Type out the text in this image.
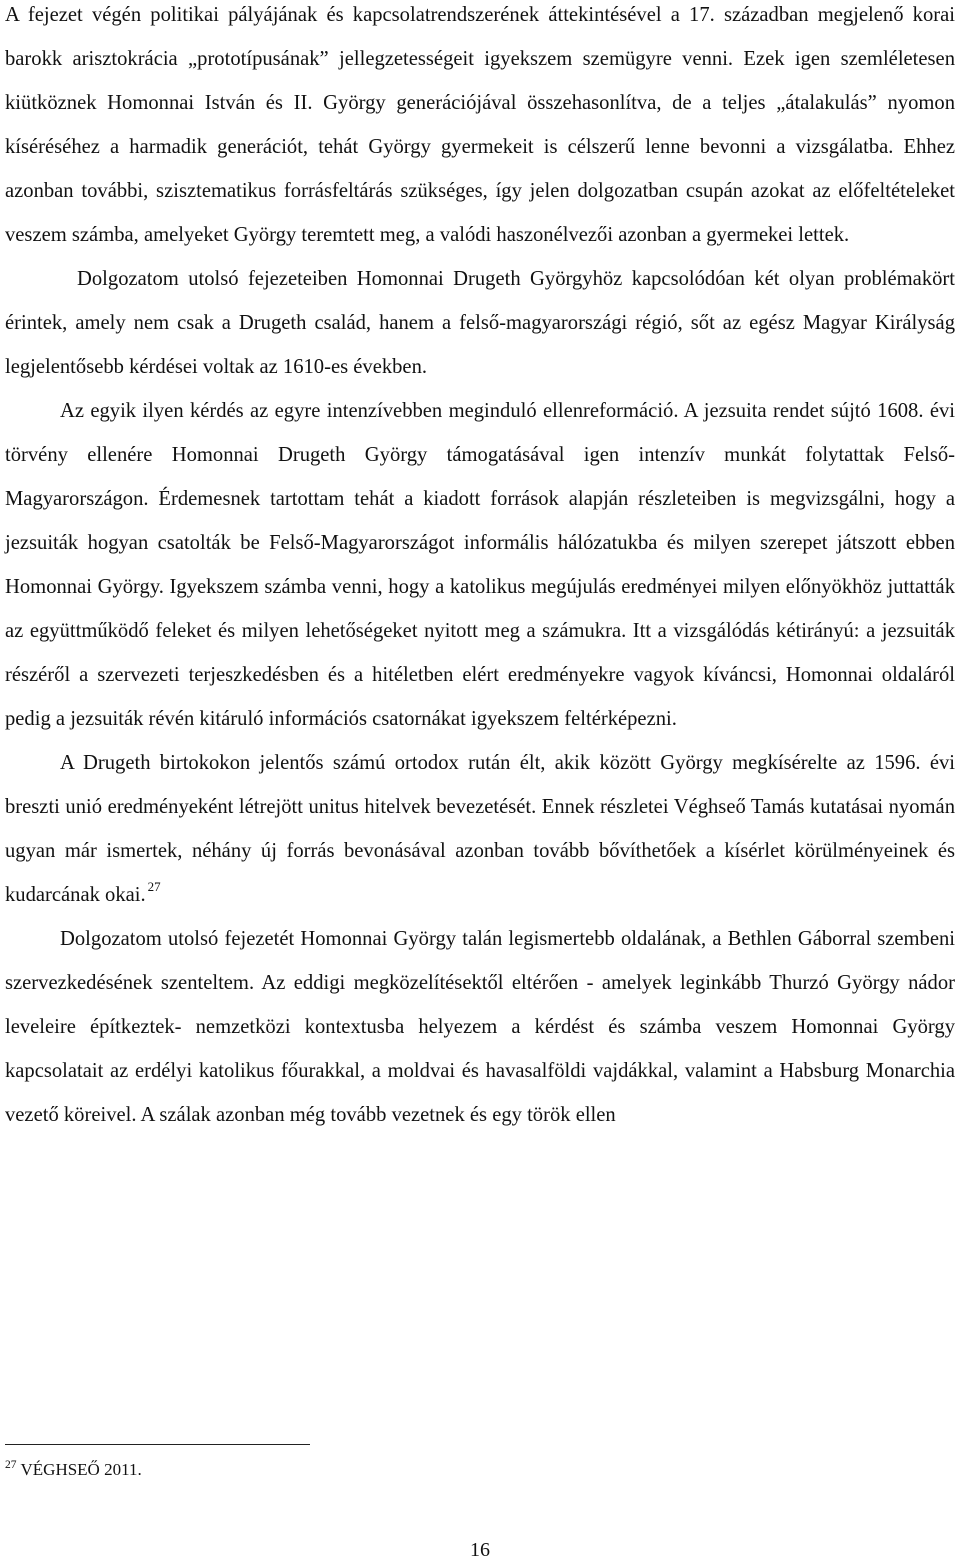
A fejezet végén politikai pályájának és kapcsolatrendszerének áttekintésével a 17. században megjelenő korai barokk arisztokrácia „prototípusának” jellegzetességeit igyekszem szemügyre venni. Ezek igen szemléletesen kiütköznek Homonnai István és II. György generációjával összehasonlítva, de a teljes „átalakulás” nyomon kíséréséhez a harmadik generációt, tehát György gyermekeit is célszerű lenne bevonni a vizsgálatba. Ehhez azonban további, szisztematikus forrásfeltárás szükséges, így jelen dolgozatban csupán azokat az előfeltételeket veszem számba, amelyeket György teremtett meg, a valódi haszonélvezői azonban a gyermekei lettek.

Dolgozatom utolsó fejezeteiben Homonnai Drugeth Györgyhöz kapcsolódóan két olyan problémakört érintek, amely nem csak a Drugeth család, hanem a felső-magyarországi régió, sőt az egész Magyar Királyság legjelentősebb kérdései voltak az 1610-es években.

Az egyik ilyen kérdés az egyre intenzívebben meginduló ellenreformáció. A jezsuita rendet sújtó 1608. évi törvény ellenére Homonnai Drugeth György támogatásával igen intenzív munkát folytattak Felső-Magyarországon. Érdemesnek tartottam tehát a kiadott források alapján részleteiben is megvizsgálni, hogy a jezsuiták hogyan csatolták be Felső-Magyarországot informális hálózatukba és milyen szerepet játszott ebben Homonnai György. Igyekszem számba venni, hogy a katolikus megújulás eredményei milyen előnyökhöz juttatták az együttműködő feleket és milyen lehetőségeket nyitott meg a számukra. Itt a vizsgálódás kétirányú: a jezsuiták részéről a szervezeti terjeszkedésben és a hitéletben elért eredményekre vagyok kíváncsi, Homonnai oldaláról pedig a jezsuiták révén kitáruló információs csatornákat igyekszem feltérképezni.

A Drugeth birtokokon jelentős számú ortodox rután élt, akik között György megkísérelte az 1596. évi breszti unió eredményeként létrejött unitus hitelvek bevezetését. Ennek részletei Véghseő Tamás kutatásai nyomán ugyan már ismertek, néhány új forrás bevonásával azonban tovább bővíthetőek a kísérlet körülményeinek és kudarcának okai. $^{27}$

Dolgozatom utolsó fejezetét Homonnai György talán legismertebb oldalának, a Bethlen Gáborral szembeni szervezkedésének szenteltem. Az eddigi megközelítésektől eltérően - amelyek leginkább Thurzó György nádor leveleire építkeztek- nemzetközi kontextusba helyezem a kérdést és számba veszem Homonnai György kapcsolatait az erdélyi katolikus főurakkal, a moldvai és havasalföldi vajdákkal, valamint a Habsburg Monarchia vezető köreivel. A szálak azonban még tovább vezetnek és egy török ellen

$^{27}$ VÉGHSEŐ 2011.
16
